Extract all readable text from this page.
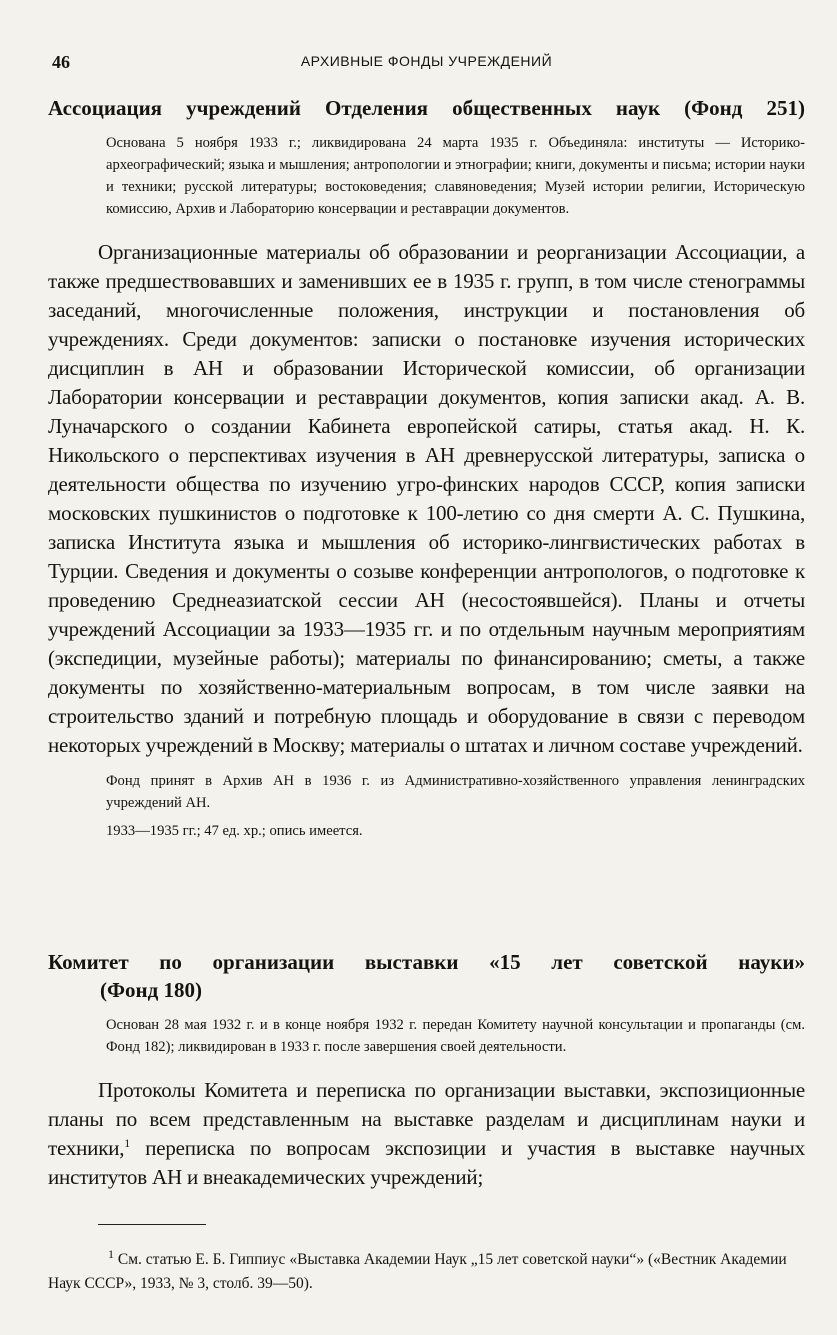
46	АРХИВНЫЕ ФОНДЫ УЧРЕЖДЕНИЙ
Ассоциация учреждений Отделения общественных наук (Фонд 251)

Основана 5 ноября 1933 г.; ликвидирована 24 марта 1935 г. Объединяла: институты — Историко-археографический; языка и мышления; антропологии и этнографии; книги, документы и письма; истории науки и техники; русской литературы; востоковедения; славяноведения; Музей истории религии, Историческую комиссию, Архив и Лабораторию консервации и реставрации документов.

Организационные материалы об образовании и реорганизации Ассоциации, а также предшествовавших и заменивших ее в 1935 г. групп, в том числе стенограммы заседаний, многочисленные положения, инструкции и постановления об учреждениях. Среди документов: записки о постановке изучения исторических дисциплин в АН и образовании Исторической комиссии, об организации Лаборатории консервации и реставрации документов, копия записки акад. А. В. Луначарского о создании Кабинета европейской сатиры, статья акад. Н. К. Никольского о перспективах изучения в АН древнерусской литературы, записка о деятельности общества по изучению угро-финских народов СССР, копия записки московских пушкинистов о подготовке к 100-летию со дня смерти А. С. Пушкина, записка Института языка и мышления об историко-лингвистических работах в Турции. Сведения и документы о созыве конференции антропологов, о подготовке к проведению Среднеазиатской сессии АН (несостоявшейся). Планы и отчеты учреждений Ассоциации за 1933—1935 гг. и по отдельным научным мероприятиям (экспедиции, музейные работы); материалы по финансированию; сметы, а также документы по хозяйственно-материальным вопросам, в том числе заявки на строительство зданий и потребную площадь и оборудование в связи с переводом некоторых учреждений в Москву; материалы о штатах и личном составе учреждений.

Фонд принят в Архив АН в 1936 г. из Административно-хозяйственного управления ленинградских учреждений АН.

1933—1935 гг.; 47 ед. хр.; опись имеется.

Комитет по организации выставки «15 лет советской науки»
(Фонд 180)

Основан 28 мая 1932 г. и в конце ноября 1932 г. передан Комитету научной консультации и пропаганды (см. Фонд 182); ликвидирован в 1933 г. после завершения своей деятельности.

Протоколы Комитета и переписка по организации выставки, экспозиционные планы по всем представленным на выставке разделам и дисциплинам науки и техники,$^1$ переписка по вопросам экспозиции и участия в выставке научных институтов АН и внеакадемических учреждений;

$^1$ См. статью Е. Б. Гиппиус «Выставка Академии Наук „15 лет советской науки“» («Вестник Академии Наук СССР», 1933, № 3, столб. 39—50).
